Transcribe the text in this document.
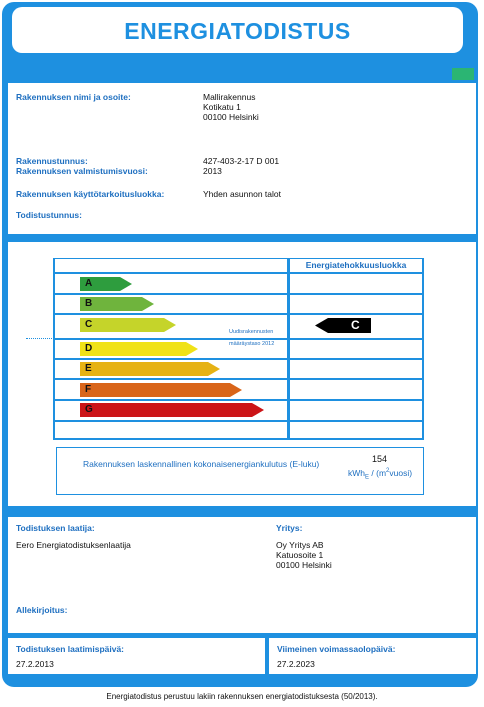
ENERGIATODISTUS
Rakennuksen nimi ja osoite:	Mallirakennus
Kotikatu 1
00100 Helsinki
Rakennustunnus:	427-403-2-17 D 001
Rakennuksen valmistumisvuosi:	2013
Rakennuksen käyttötarkoitusluokka:	Yhden asunnon talot
Todistustunnus:
Energiatehokkuusluokka
A
B
C
D
E
F
G
Uudisrakennusten
määräystaso 2012
C
Rakennuksen laskennallinen kokonaisenergiankulutus (E-luku)	154
$kWh_E / (m^2vuosi)$
Todistuksen laatija:
Eero Energiatodistuksenlaatija
Yritys:
Oy Yritys AB
Katuosoite 1
00100 Helsinki
Allekirjoitus:
Todistuksen laatimispäivä:
27.2.2013
Viimeinen voimassaolopäivä:
27.2.2023
Energiatodistus perustuu lakiin rakennuksen energiatodistuksesta (50/2013).
